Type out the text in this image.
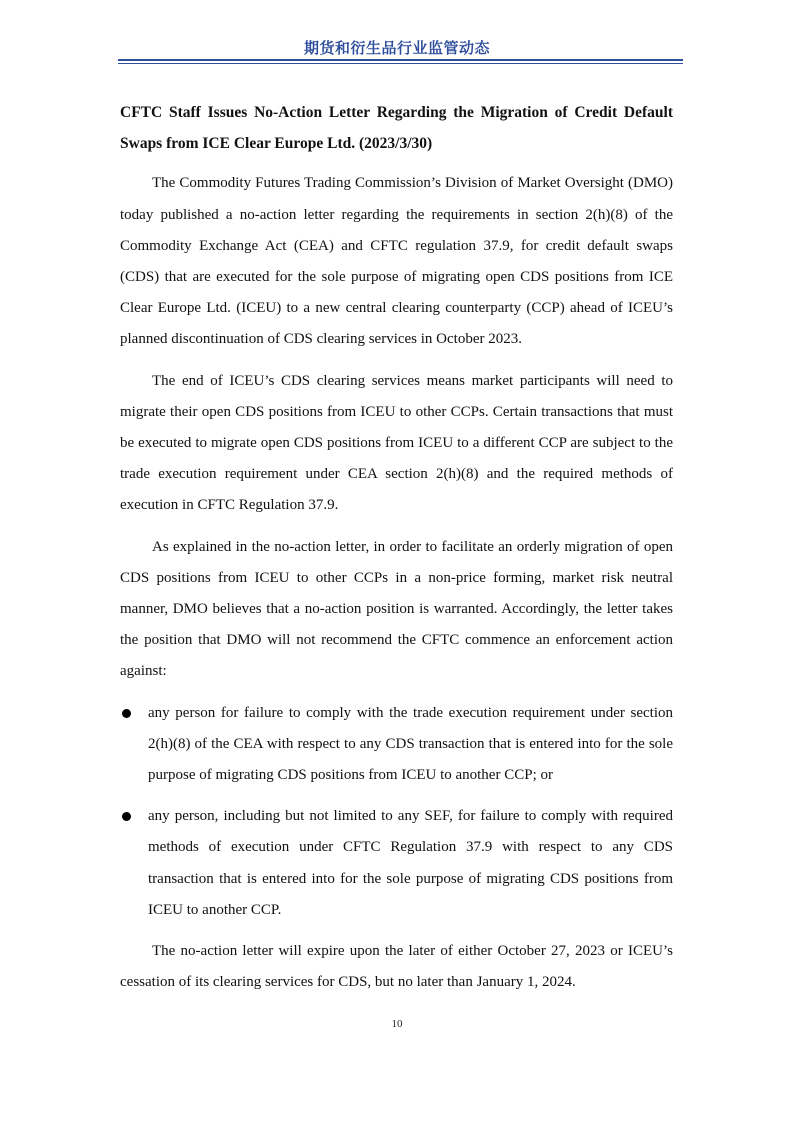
期货和衍生品行业监管动态

CFTC Staff Issues No-Action Letter Regarding the Migration of Credit Default Swaps from ICE Clear Europe Ltd. (2023/3/30)

The Commodity Futures Trading Commission’s Division of Market Oversight (DMO) today published a no-action letter regarding the requirements in section 2(h)(8) of the Commodity Exchange Act (CEA) and CFTC regulation 37.9, for credit default swaps (CDS) that are executed for the sole purpose of migrating open CDS positions from ICE Clear Europe Ltd. (ICEU) to a new central clearing counterparty (CCP) ahead of ICEU’s planned discontinuation of CDS clearing services in October 2023.

The end of ICEU’s CDS clearing services means market participants will need to migrate their open CDS positions from ICEU to other CCPs. Certain transactions that must be executed to migrate open CDS positions from ICEU to a different CCP are subject to the trade execution requirement under CEA section 2(h)(8) and the required methods of execution in CFTC Regulation 37.9.

As explained in the no-action letter, in order to facilitate an orderly migration of open CDS positions from ICEU to other CCPs in a non-price forming, market risk neutral manner, DMO believes that a no-action position is warranted. Accordingly, the letter takes the position that DMO will not recommend the CFTC commence an enforcement action against:

any person for failure to comply with the trade execution requirement under section 2(h)(8) of the CEA with respect to any CDS transaction that is entered into for the sole purpose of migrating CDS positions from ICEU to another CCP; or
any person, including but not limited to any SEF, for failure to comply with required methods of execution under CFTC Regulation 37.9 with respect to any CDS transaction that is entered into for the sole purpose of migrating CDS positions from ICEU to another CCP.

The no-action letter will expire upon the later of either October 27, 2023 or ICEU’s cessation of its clearing services for CDS, but no later than January 1, 2024.

10
